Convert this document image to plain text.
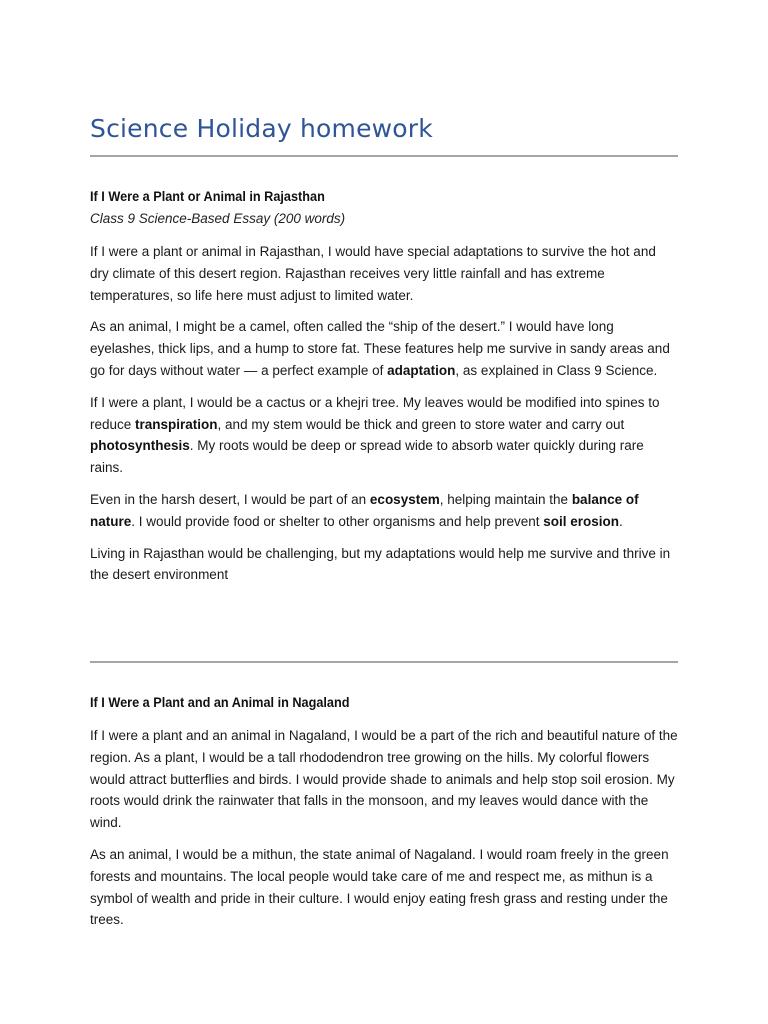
Science Holiday homework
If I Were a Plant or Animal in Rajasthan

Class 9 Science-Based Essay (200 words)

If I were a plant or animal in Rajasthan, I would have special adaptations to survive the hot and dry climate of this desert region. Rajasthan receives very little rainfall and has extreme temperatures, so life here must adjust to limited water.

As an animal, I might be a camel, often called the “ship of the desert.” I would have long eyelashes, thick lips, and a hump to store fat. These features help me survive in sandy areas and go for days without water — a perfect example of adaptation, as explained in Class 9 Science.

If I were a plant, I would be a cactus or a khejri tree. My leaves would be modified into spines to reduce transpiration, and my stem would be thick and green to store water and carry out photosynthesis. My roots would be deep or spread wide to absorb water quickly during rare rains.

Even in the harsh desert, I would be part of an ecosystem, helping maintain the balance of nature. I would provide food or shelter to other organisms and help prevent soil erosion.

Living in Rajasthan would be challenging, but my adaptations would help me survive and thrive in the desert environment

If I Were a Plant and an Animal in Nagaland

If I were a plant and an animal in Nagaland, I would be a part of the rich and beautiful nature of the region. As a plant, I would be a tall rhododendron tree growing on the hills. My colorful flowers would attract butterflies and birds. I would provide shade to animals and help stop soil erosion. My roots would drink the rainwater that falls in the monsoon, and my leaves would dance with the wind.

As an animal, I would be a mithun, the state animal of Nagaland. I would roam freely in the green forests and mountains. The local people would take care of me and respect me, as mithun is a symbol of wealth and pride in their culture. I would enjoy eating fresh grass and resting under the trees.
